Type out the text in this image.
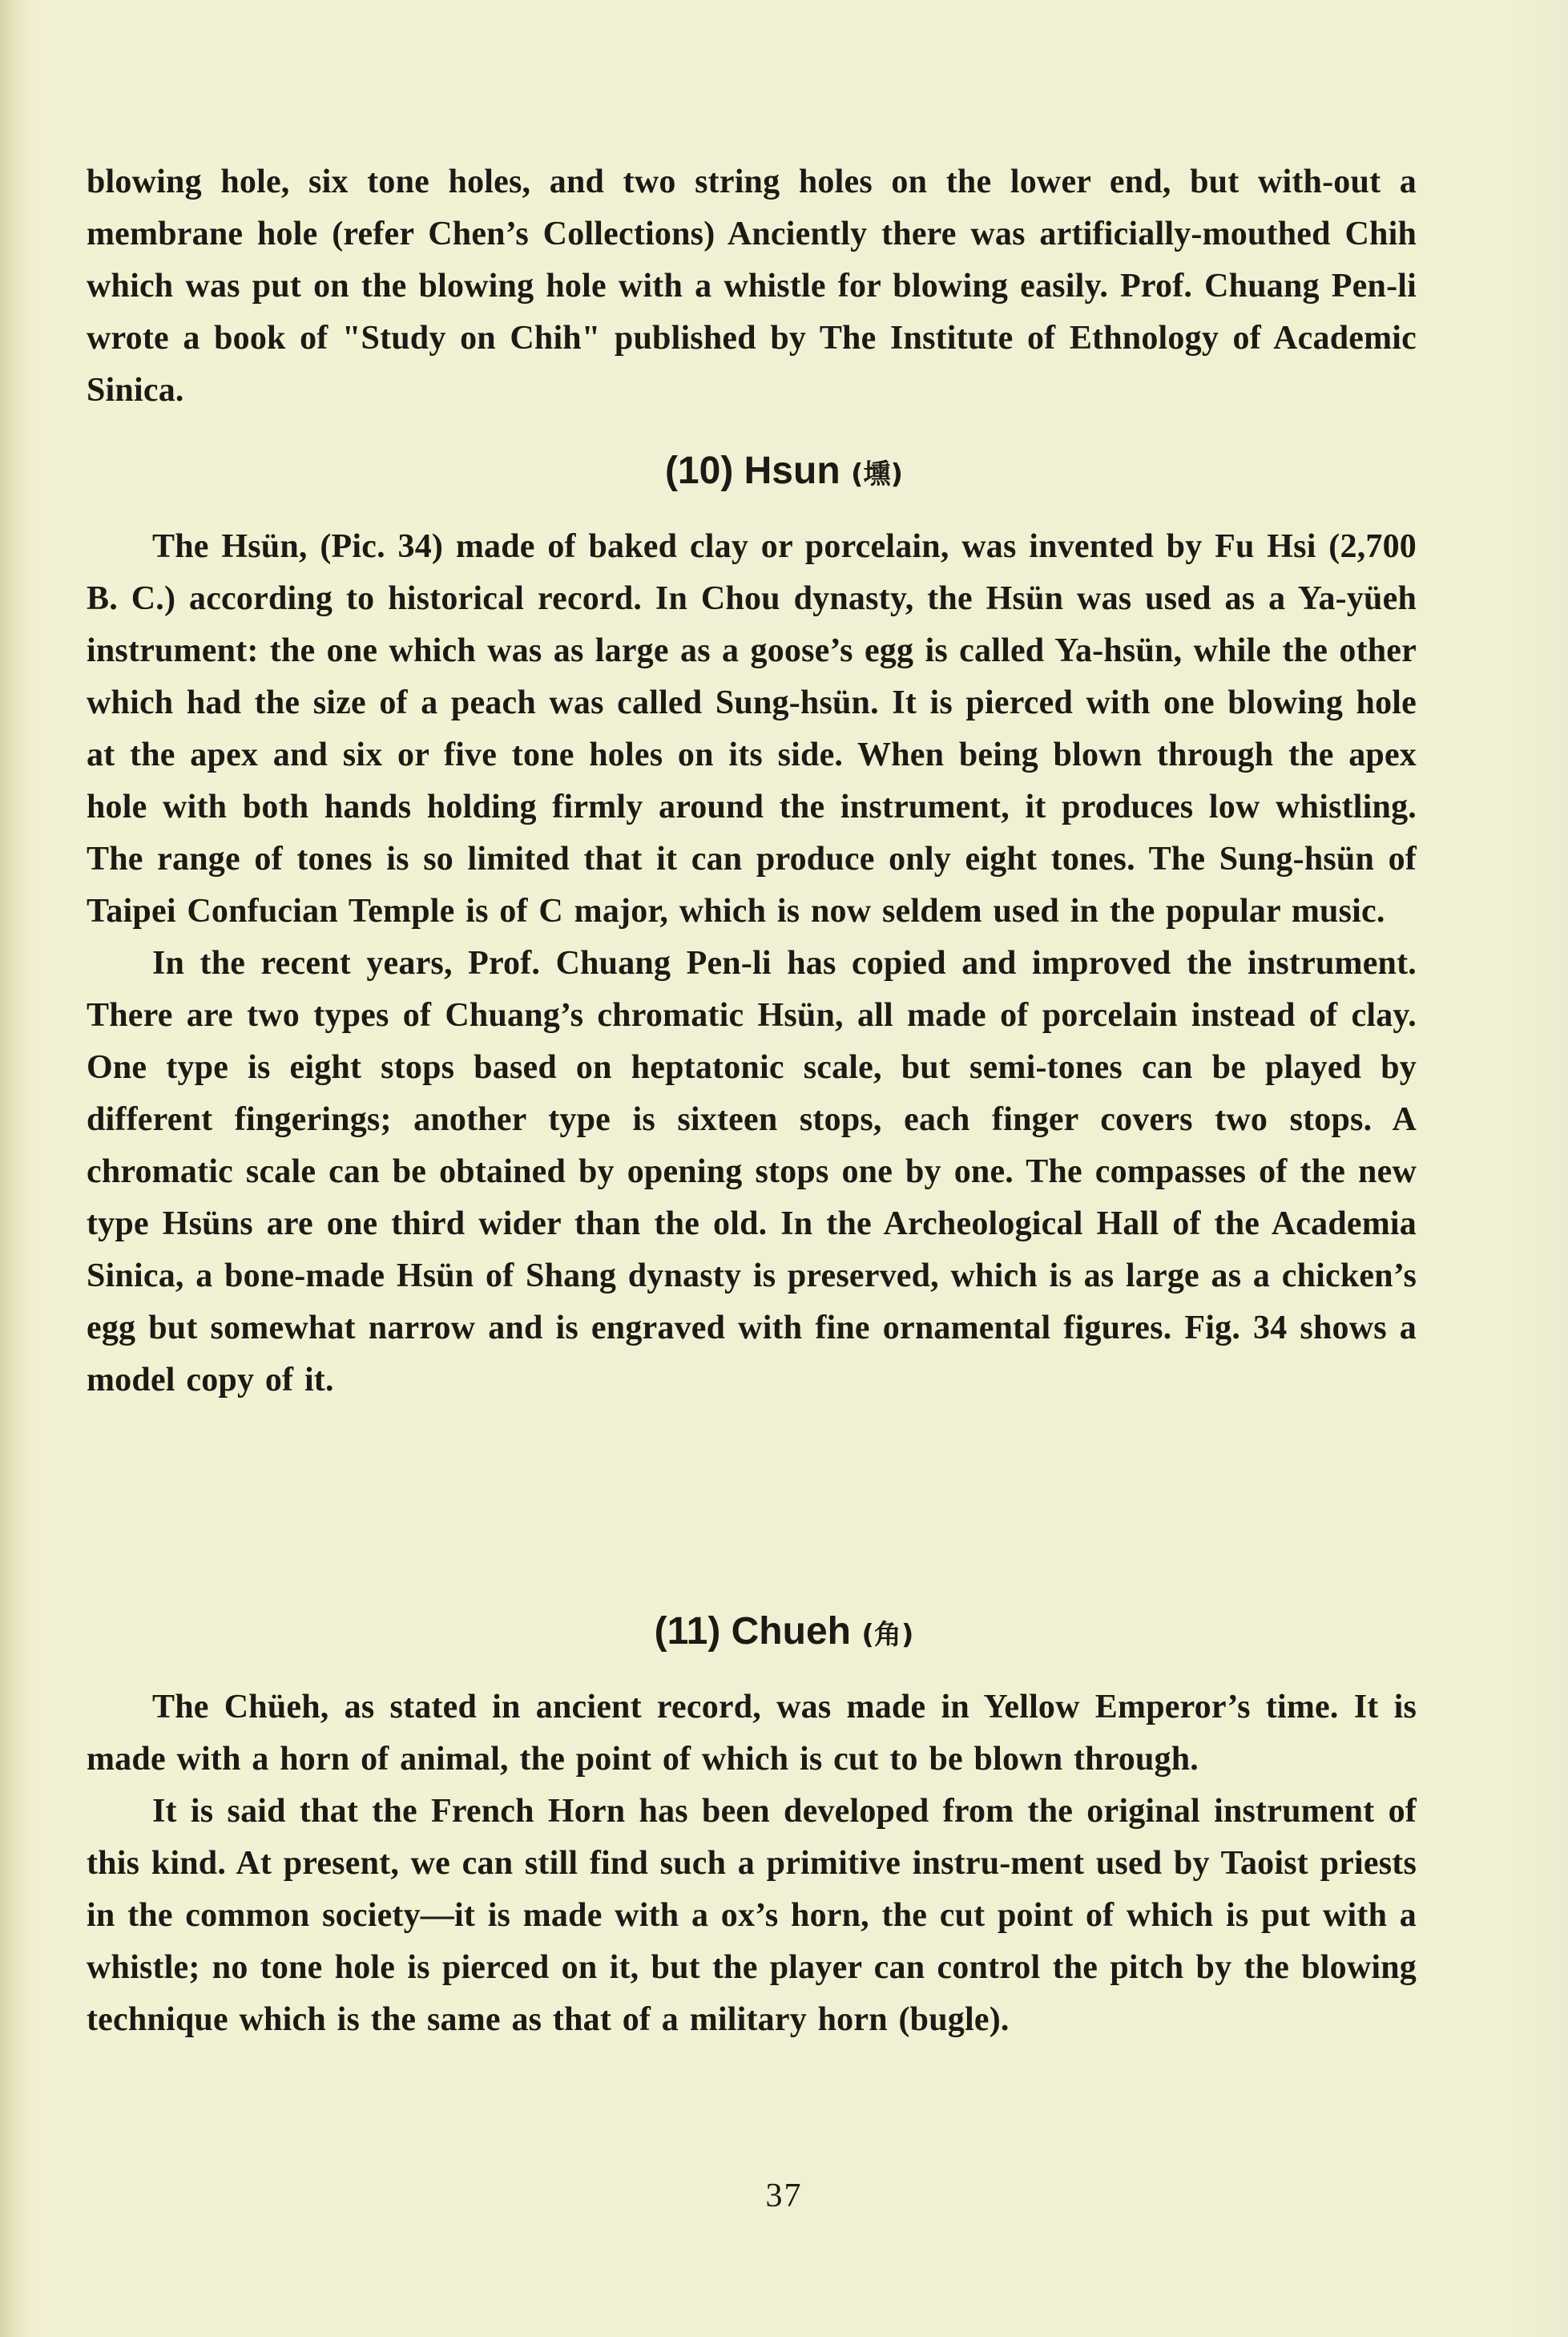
blowing hole, six tone holes, and two string holes on the lower end, but with-out a membrane hole (refer Chen’s Collections) Anciently there was artificially-mouthed Chih which was put on the blowing hole with a whistle for blowing easily. Prof. Chuang Pen-li wrote a book of "Study on Chih" published by The Institute of Ethnology of Academic Sinica.

(10) Hsun (壎)

The Hsün, (Pic. 34) made of baked clay or porcelain, was invented by Fu Hsi (2,700 B. C.) according to historical record. In Chou dynasty, the Hsün was used as a Ya-yüeh instrument: the one which was as large as a goose’s egg is called Ya-hsün, while the other which had the size of a peach was called Sung-hsün. It is pierced with one blowing hole at the apex and six or five tone holes on its side. When being blown through the apex hole with both hands holding firmly around the instrument, it produces low whistling. The range of tones is so limited that it can produce only eight tones. The Sung-hsün of Taipei Confucian Temple is of C major, which is now seldem used in the popular music.

In the recent years, Prof. Chuang Pen-li has copied and improved the instrument. There are two types of Chuang’s chromatic Hsün, all made of porcelain instead of clay. One type is eight stops based on heptatonic scale, but semi-tones can be played by different fingerings; another type is sixteen stops, each finger covers two stops. A chromatic scale can be obtained by opening stops one by one. The compasses of the new type Hsüns are one third wider than the old. In the Archeological Hall of the Academia Sinica, a bone-made Hsün of Shang dynasty is preserved, which is as large as a chicken’s egg but somewhat narrow and is engraved with fine ornamental figures. Fig. 34 shows a model copy of it.

(11) Chueh (角)

The Chüeh, as stated in ancient record, was made in Yellow Emperor’s time. It is made with a horn of animal, the point of which is cut to be blown through.

It is said that the French Horn has been developed from the original instrument of this kind. At present, we can still find such a primitive instru-ment used by Taoist priests in the common society—it is made with a ox’s horn, the cut point of which is put with a whistle; no tone hole is pierced on it, but the player can control the pitch by the blowing technique which is the same as that of a military horn (bugle).

37
